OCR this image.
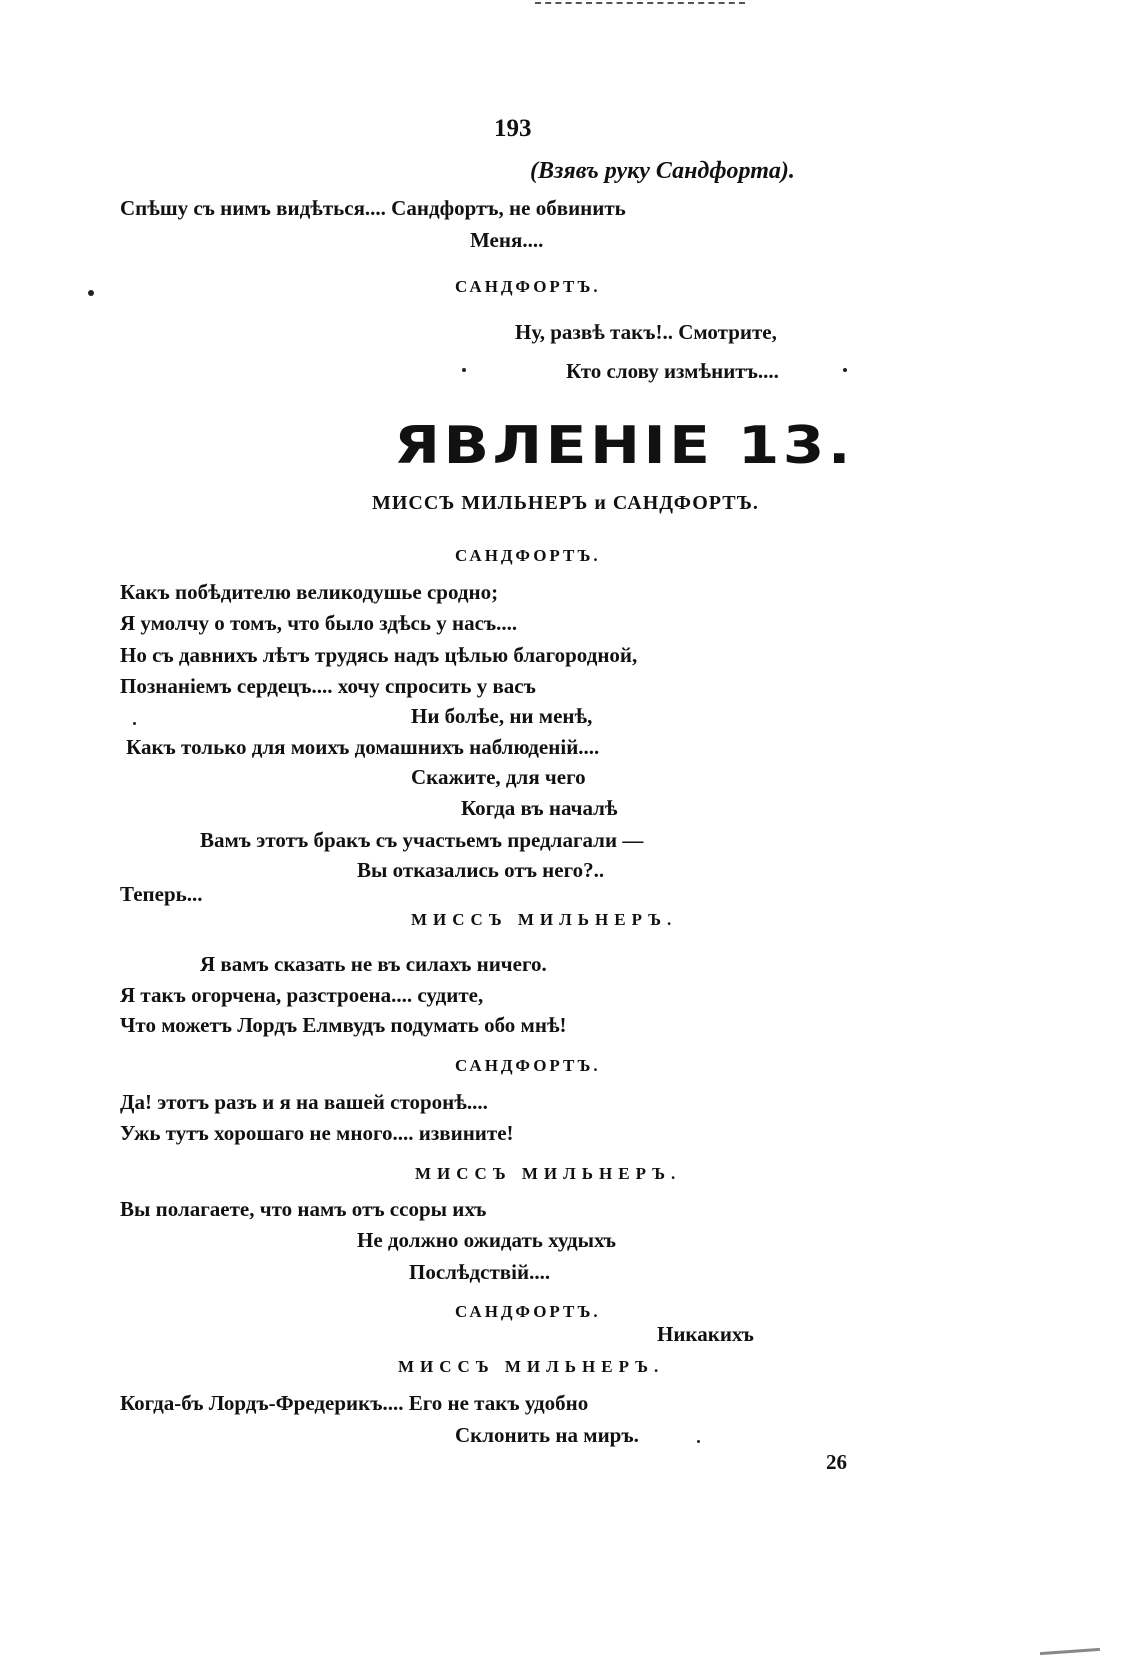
193
(Взявъ руку Сандфорта).
Спѣшу съ нимъ видѣться.... Сандфортъ, не обвинить
Меня....
САНДФОРТЪ.
Ну, развѣ такъ!.. Смотрите,
Кто слову измѣнитъ....
ЯВЛЕНІЕ 13.
МИССЪ МИЛЬНЕРЪ и САНДФОРТЪ.
САНДФОРТЪ.
Какъ побѣдителю великодушье сродно;
Я умолчу о томъ, что было здѣсь у насъ....
Но съ давнихъ лѣтъ трудясь надъ цѣлью благородной,
Познаніемъ сердецъ.... хочу спросить у васъ
Ни болѣе, ни менѣ,
Какъ только для моихъ домашнихъ наблюденій....
Скажите, для чего
Когда въ началѣ
Вамъ этотъ бракъ съ участьемъ предлагали —
Вы отказались отъ него?..
Теперь...
МИССЪ МИЛЬНЕРЪ.
Я вамъ сказать не въ силахъ ничего.
Я такъ огорчена, разстроена.... судите,
Что можетъ Лордъ Елмвудъ подумать обо мнѣ!
САНДФОРТЪ.
Да! этотъ разъ и я на вашей сторонѣ....
Ужь тутъ хорошаго не много.... извините!
МИССЪ МИЛЬНЕРЪ.
Вы полагаете, что намъ отъ ссоры ихъ
Не должно ожидать худыхъ
Послѣдствій....
САНДФОРТЪ.
Никакихъ
МИССЪ МИЛЬНЕРЪ.
Когда-бъ Лордъ-Фредерикъ.... Его не такъ удобно
Склонить на миръ.
26
